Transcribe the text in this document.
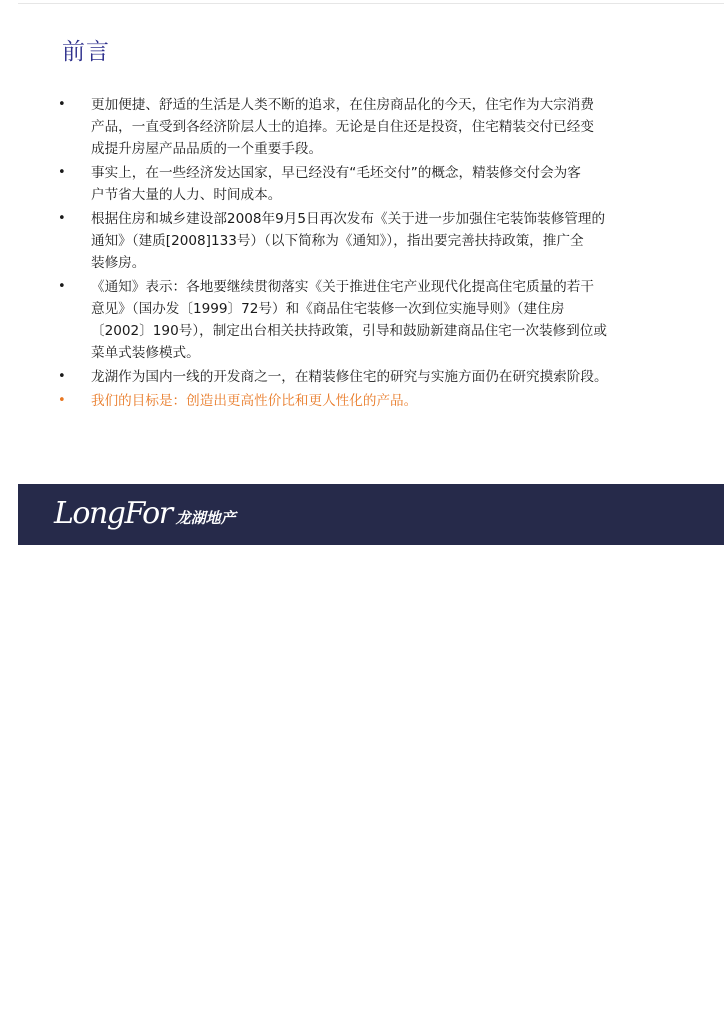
前言
•	更加便捷、舒适的生活是人类不断的追求，在住房商品化的今天，住宅作为大宗消费
产品，一直受到各经济阶层人士的追捧。无论是自住还是投资，住宅精装交付已经变
成提升房屋产品品质的一个重要手段。
•	事实上，在一些经济发达国家，早已经没有“毛坯交付”的概念，精装修交付会为客
户节省大量的人力、时间成本。
•	根据住房和城乡建设部2008年9月5日再次发布《关于进一步加强住宅装饰装修管理的
通知》（建质[2008]133号）（以下简称为《通知》），指出要完善扶持政策，推广全
装修房。
•	《通知》表示：各地要继续贯彻落实《关于推进住宅产业现代化提高住宅质量的若干
意见》（国办发〔1999〕72号）和《商品住宅装修一次到位实施导则》（建住房
〔2002〕190号），制定出台相关扶持政策，引导和鼓励新建商品住宅一次装修到位或
菜单式装修模式。
•	龙湖作为国内一线的开发商之一，在精装修住宅的研究与实施方面仍在研究摸索阶段。
•	我们的目标是：创造出更高性价比和更人性化的产品。
LongFor 龙湖地产
